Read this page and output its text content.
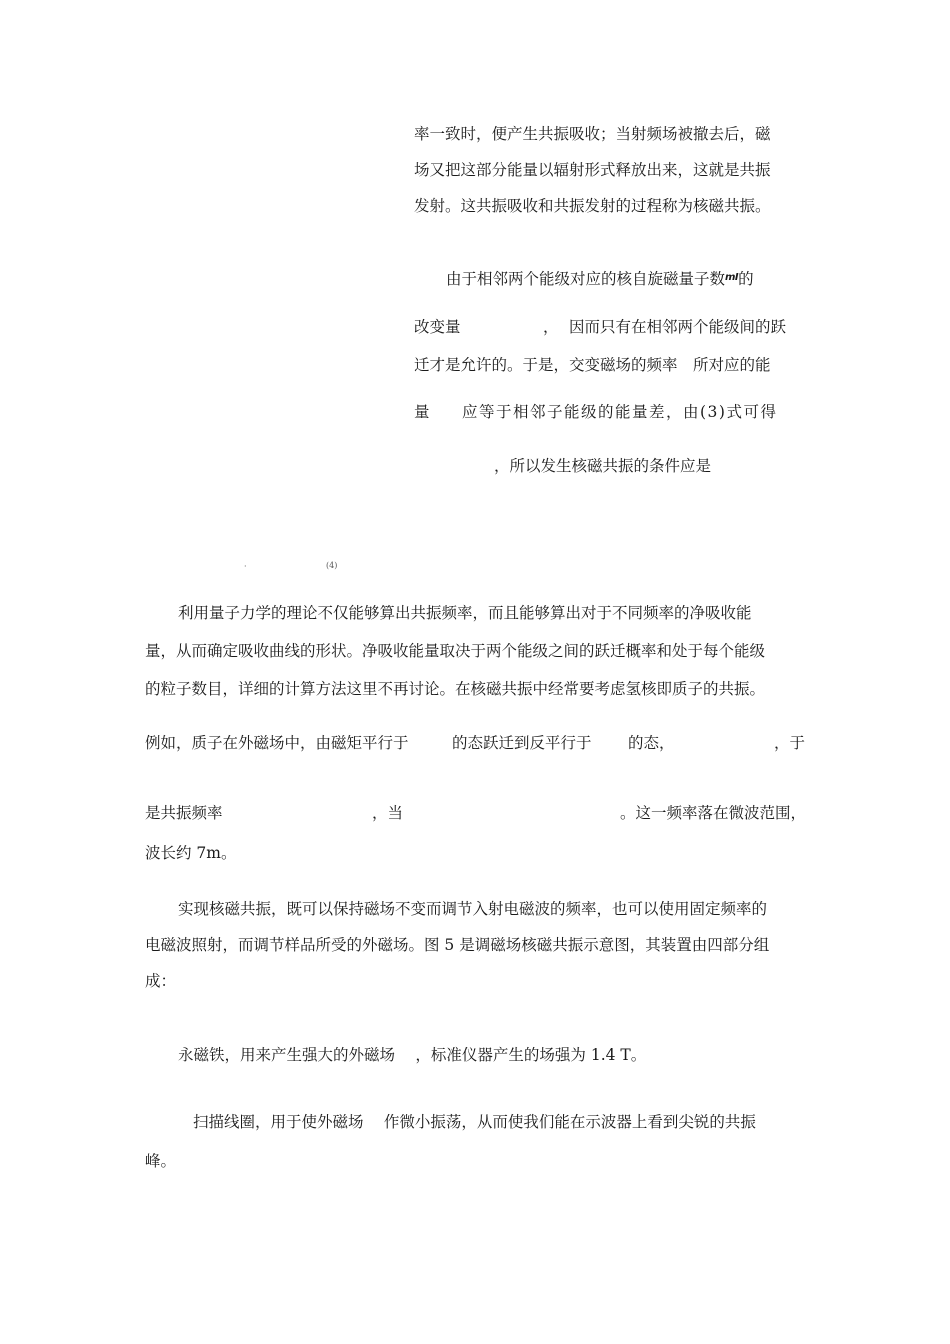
率一致时，便产生共振吸收；当射频场被撤去后，磁
场又把这部分能量以辐射形式释放出来，这就是共振
发射。这共振吸收和共振发射的过程称为核磁共振。
由于相邻两个能级对应的核自旋磁量子数$^{mI}$的
改变量	， 因而只有在相邻两个能级间的跃
迁才是允许的。于是，交变磁场的频率　所对应的能
量 应等于相邻子能级的能量差，由(3)式可得
，所以发生核磁共振的条件应是
·	(4)
利用量子力学的理论不仅能够算出共振频率，而且能够算出对于不同频率的净吸收能
量，从而确定吸收曲线的形状。净吸收能量取决于两个能级之间的跃迁概率和处于每个能级
的粒子数目，详细的计算方法这里不再讨论。在核磁共振中经常要考虑氢核即质子的共振。
例如，质子在外磁场中，由磁矩平行于	的态跃迁到反平行于 的态，	，于
是共振频率	，当	。这一频率落在微波范围，
波长约 7m。
实现核磁共振，既可以保持磁场不变而调节入射电磁波的频率，也可以使用固定频率的
电磁波照射，而调节样品所受的外磁场。图 5 是调磁场核磁共振示意图，其装置由四部分组
成：
永磁铁，用来产生强大的外磁场　 ，标准仪器产生的场强为 1.4 T。
扫描线圈，用于使外磁场　 作微小振荡，从而使我们能在示波器上看到尖锐的共振
峰。
